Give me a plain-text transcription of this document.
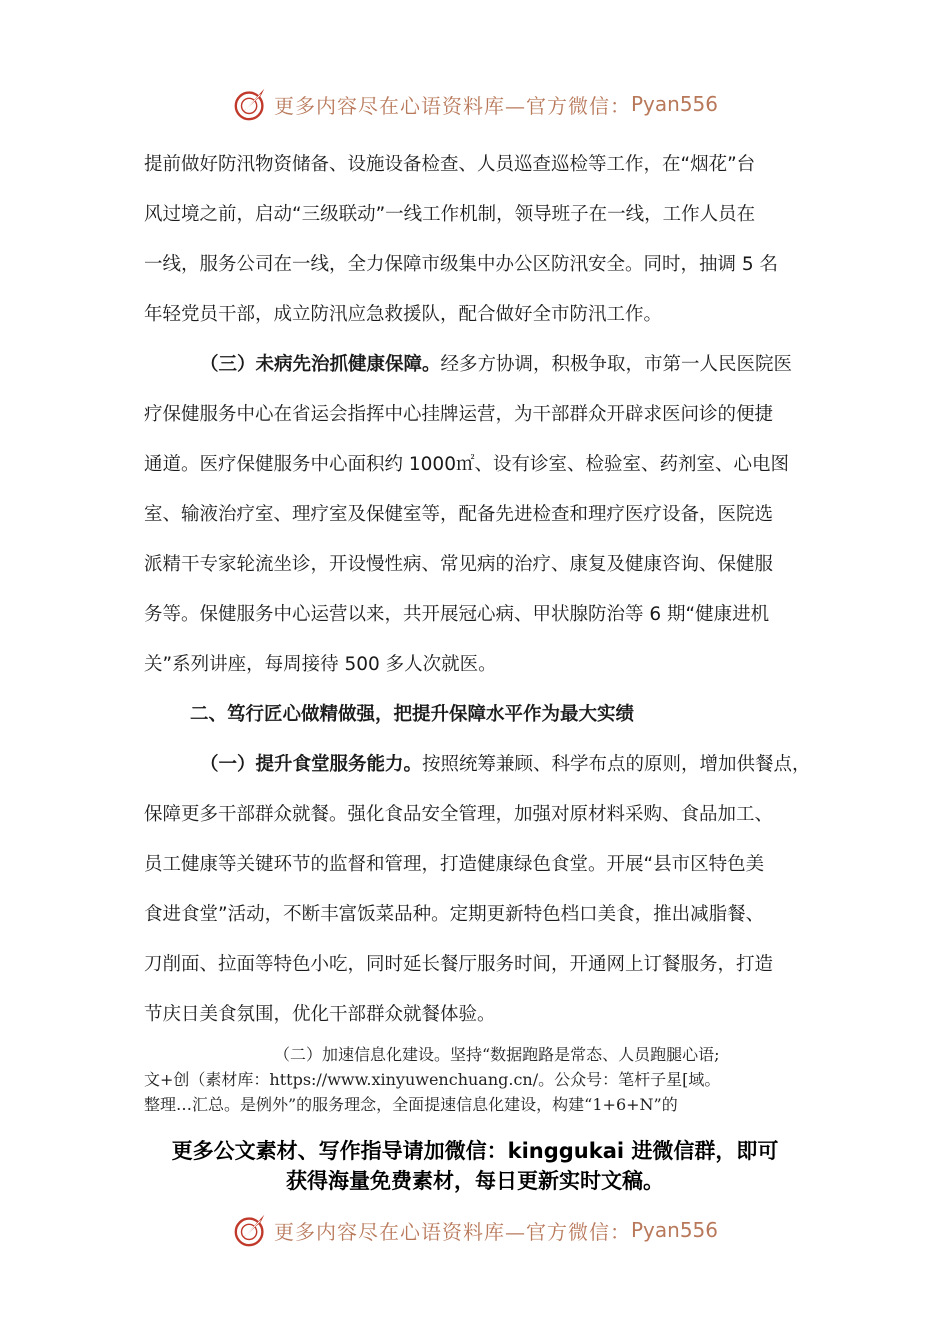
更多内容尽在心语资料库—官方微信： Pyan556
提前做好防汛物资储备、设施设备检查、人员巡查巡检等工作，在“烟花”台
风过境之前，启动“三级联动”一线工作机制，领导班子在一线，工作人员在
一线，服务公司在一线，全力保障市级集中办公区防汛安全。同时，抽调 5 名
年轻党员干部，成立防汛应急救援队，配合做好全市防汛工作。
（三）未病先治抓健康保障。经多方协调，积极争取，市第一人民医院医
疗保健服务中心在省运会指挥中心挂牌运营，为干部群众开辟求医问诊的便捷
通道。医疗保健服务中心面积约 1000㎡、设有诊室、检验室、药剂室、心电图
室、输液治疗室、理疗室及保健室等，配备先进检查和理疗医疗设备，医院选
派精干专家轮流坐诊，开设慢性病、常见病的治疗、康复及健康咨询、保健服
务等。保健服务中心运营以来，共开展冠心病、甲状腺防治等 6 期“健康进机
关”系列讲座，每周接待 500 多人次就医。
二、笃行匠心做精做强，把提升保障水平作为最大实绩
（一）提升食堂服务能力。按照统筹兼顾、科学布点的原则，增加供餐点，
保障更多干部群众就餐。强化食品安全管理，加强对原材料采购、食品加工、
员工健康等关键环节的监督和管理，打造健康绿色食堂。开展“县市区特色美
食进食堂”活动，不断丰富饭菜品种。定期更新特色档口美食，推出减脂餐、
刀削面、拉面等特色小吃，同时延长餐厅服务时间，开通网上订餐服务，打造
节庆日美食氛围，优化干部群众就餐体验。
（二）加速信息化建设。坚持“数据跑路是常态、人员跑腿心语;
文+创（素材库：https://www.xinyuwenchuang.cn/。公众号：笔杆子星[域。
整理…汇总。是例外”的服务理念，全面提速信息化建设，构建“1+6+N”的
更多公文素材、写作指导请加微信：kinggukai 进微信群，即可
获得海量免费素材，每日更新实时文稿。
更多内容尽在心语资料库—官方微信： Pyan556
